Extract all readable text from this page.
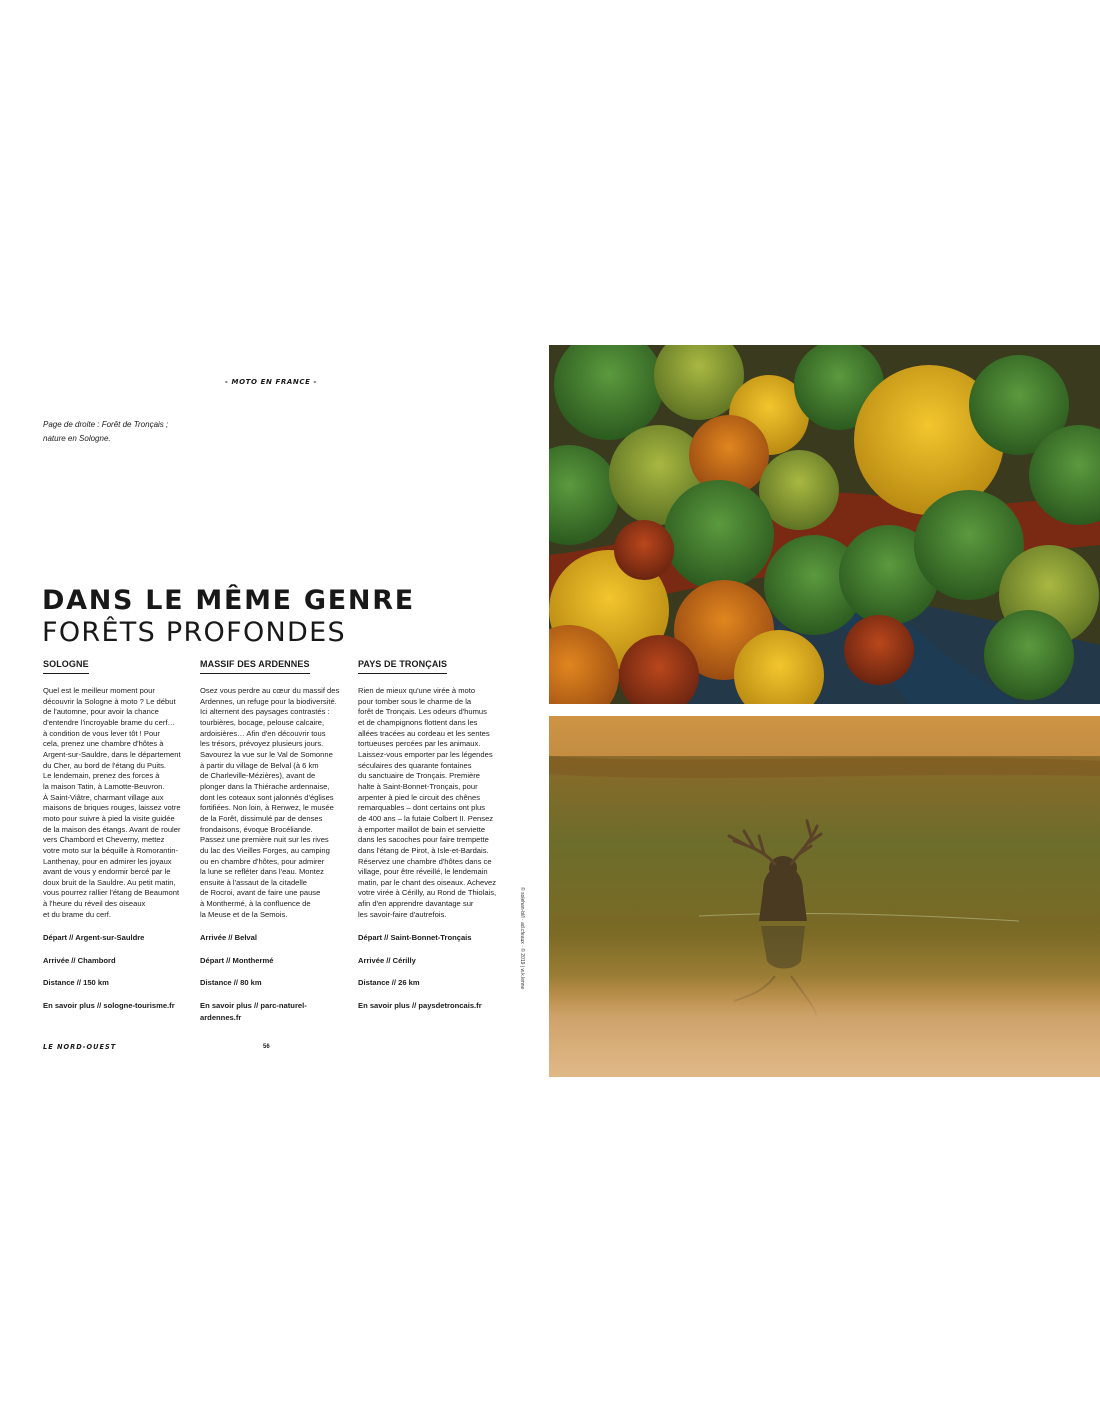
- MOTO EN FRANCE -
Page de droite : Forêt de Tronçais ;
nature en Sologne.
DANS LE MÊME GENRE
FORÊTS PROFONDES
SOLOGNE
Quel est le meilleur moment pour
découvrir la Sologne à moto ? Le début
de l'automne, pour avoir la chance
d'entendre l'incroyable brame du cerf…
à condition de vous lever tôt ! Pour
cela, prenez une chambre d'hôtes à
Argent-sur-Sauldre, dans le département
du Cher, au bord de l'étang du Puits.
Le lendemain, prenez des forces à
la maison Tatin, à Lamotte-Beuvron.
À Saint-Viâtre, charmant village aux
maisons de briques rouges, laissez votre
moto pour suivre à pied la visite guidée
de la maison des étangs. Avant de rouler
vers Chambord et Cheverny, mettez
votre moto sur la béquille à Romorantin-
Lanthenay, pour en admirer les joyaux
avant de vous y endormir bercé par le
doux bruit de la Sauldre. Au petit matin,
vous pourrez rallier l'étang de Beaumont
à l'heure du réveil des oiseaux
et du brame du cerf.

Départ // Argent-sur-Sauldre

Arrivée // Chambord

Distance // 150 km

En savoir plus // sologne-tourisme.fr

MASSIF DES ARDENNES
Osez vous perdre au cœur du massif des
Ardennes, un refuge pour la biodiversité.
Ici alternent des paysages contrastés :
tourbières, bocage, pelouse calcaire,
ardoisières… Afin d'en découvrir tous
les trésors, prévoyez plusieurs jours.
Savourez la vue sur le Val de Somonne
à partir du village de Belval (à 6 km
de Charleville-Mézières), avant de
plonger dans la Thiérache ardennaise,
dont les coteaux sont jalonnés d'églises
fortifiées. Non loin, à Renwez, le musée
de la Forêt, dissimulé par de denses
frondaisons, évoque Brocéliande.
Passez une première nuit sur les rives
du lac des Vieilles Forges, au camping
ou en chambre d'hôtes, pour admirer
la lune se refléter dans l'eau. Montez
ensuite à l'assaut de la citadelle
de Rocroi, avant de faire une pause
à Monthermé, à la confluence de
la Meuse et de la Semois.

Arrivée // Belval

Départ // Monthermé

Distance // 80 km

En savoir plus // parc-naturel-
ardennes.fr

PAYS DE TRONÇAIS
Rien de mieux qu'une virée à moto
pour tomber sous le charme de la
forêt de Tronçais. Les odeurs d'humus
et de champignons flottent dans les
allées tracées au cordeau et les sentes
tortueuses percées par les animaux.
Laissez-vous emporter par les légendes
séculaires des quarante fontaines
du sanctuaire de Tronçais. Première
halte à Saint-Bonnet-Tronçais, pour
arpenter à pied le circuit des chênes
remarquables – dont certains ont plus
de 400 ans – la futaie Colbert II. Pensez
à emporter maillot de bain et serviette
dans les sacoches pour faire trempette
dans l'étang de Pirot, à Isle-et-Bardais.
Réservez une chambre d'hôtes dans ce
village, pour être réveillé, le lendemain
matin, par le chant des oiseaux. Achevez
votre virée à Cérilly, au Rond de Thiolais,
afin d'en apprendre davantage sur
les savoir-faire d'autrefois.

Départ // Saint-Bonnet-Tronçais

Arrivée // Cérilly

Distance // 26 km

En savoir plus // paysdetroncais.fr

LE NORD-OUEST	56
© solehan-bl/l · ad.cfeaux · © 2019 | w.k.lenne
